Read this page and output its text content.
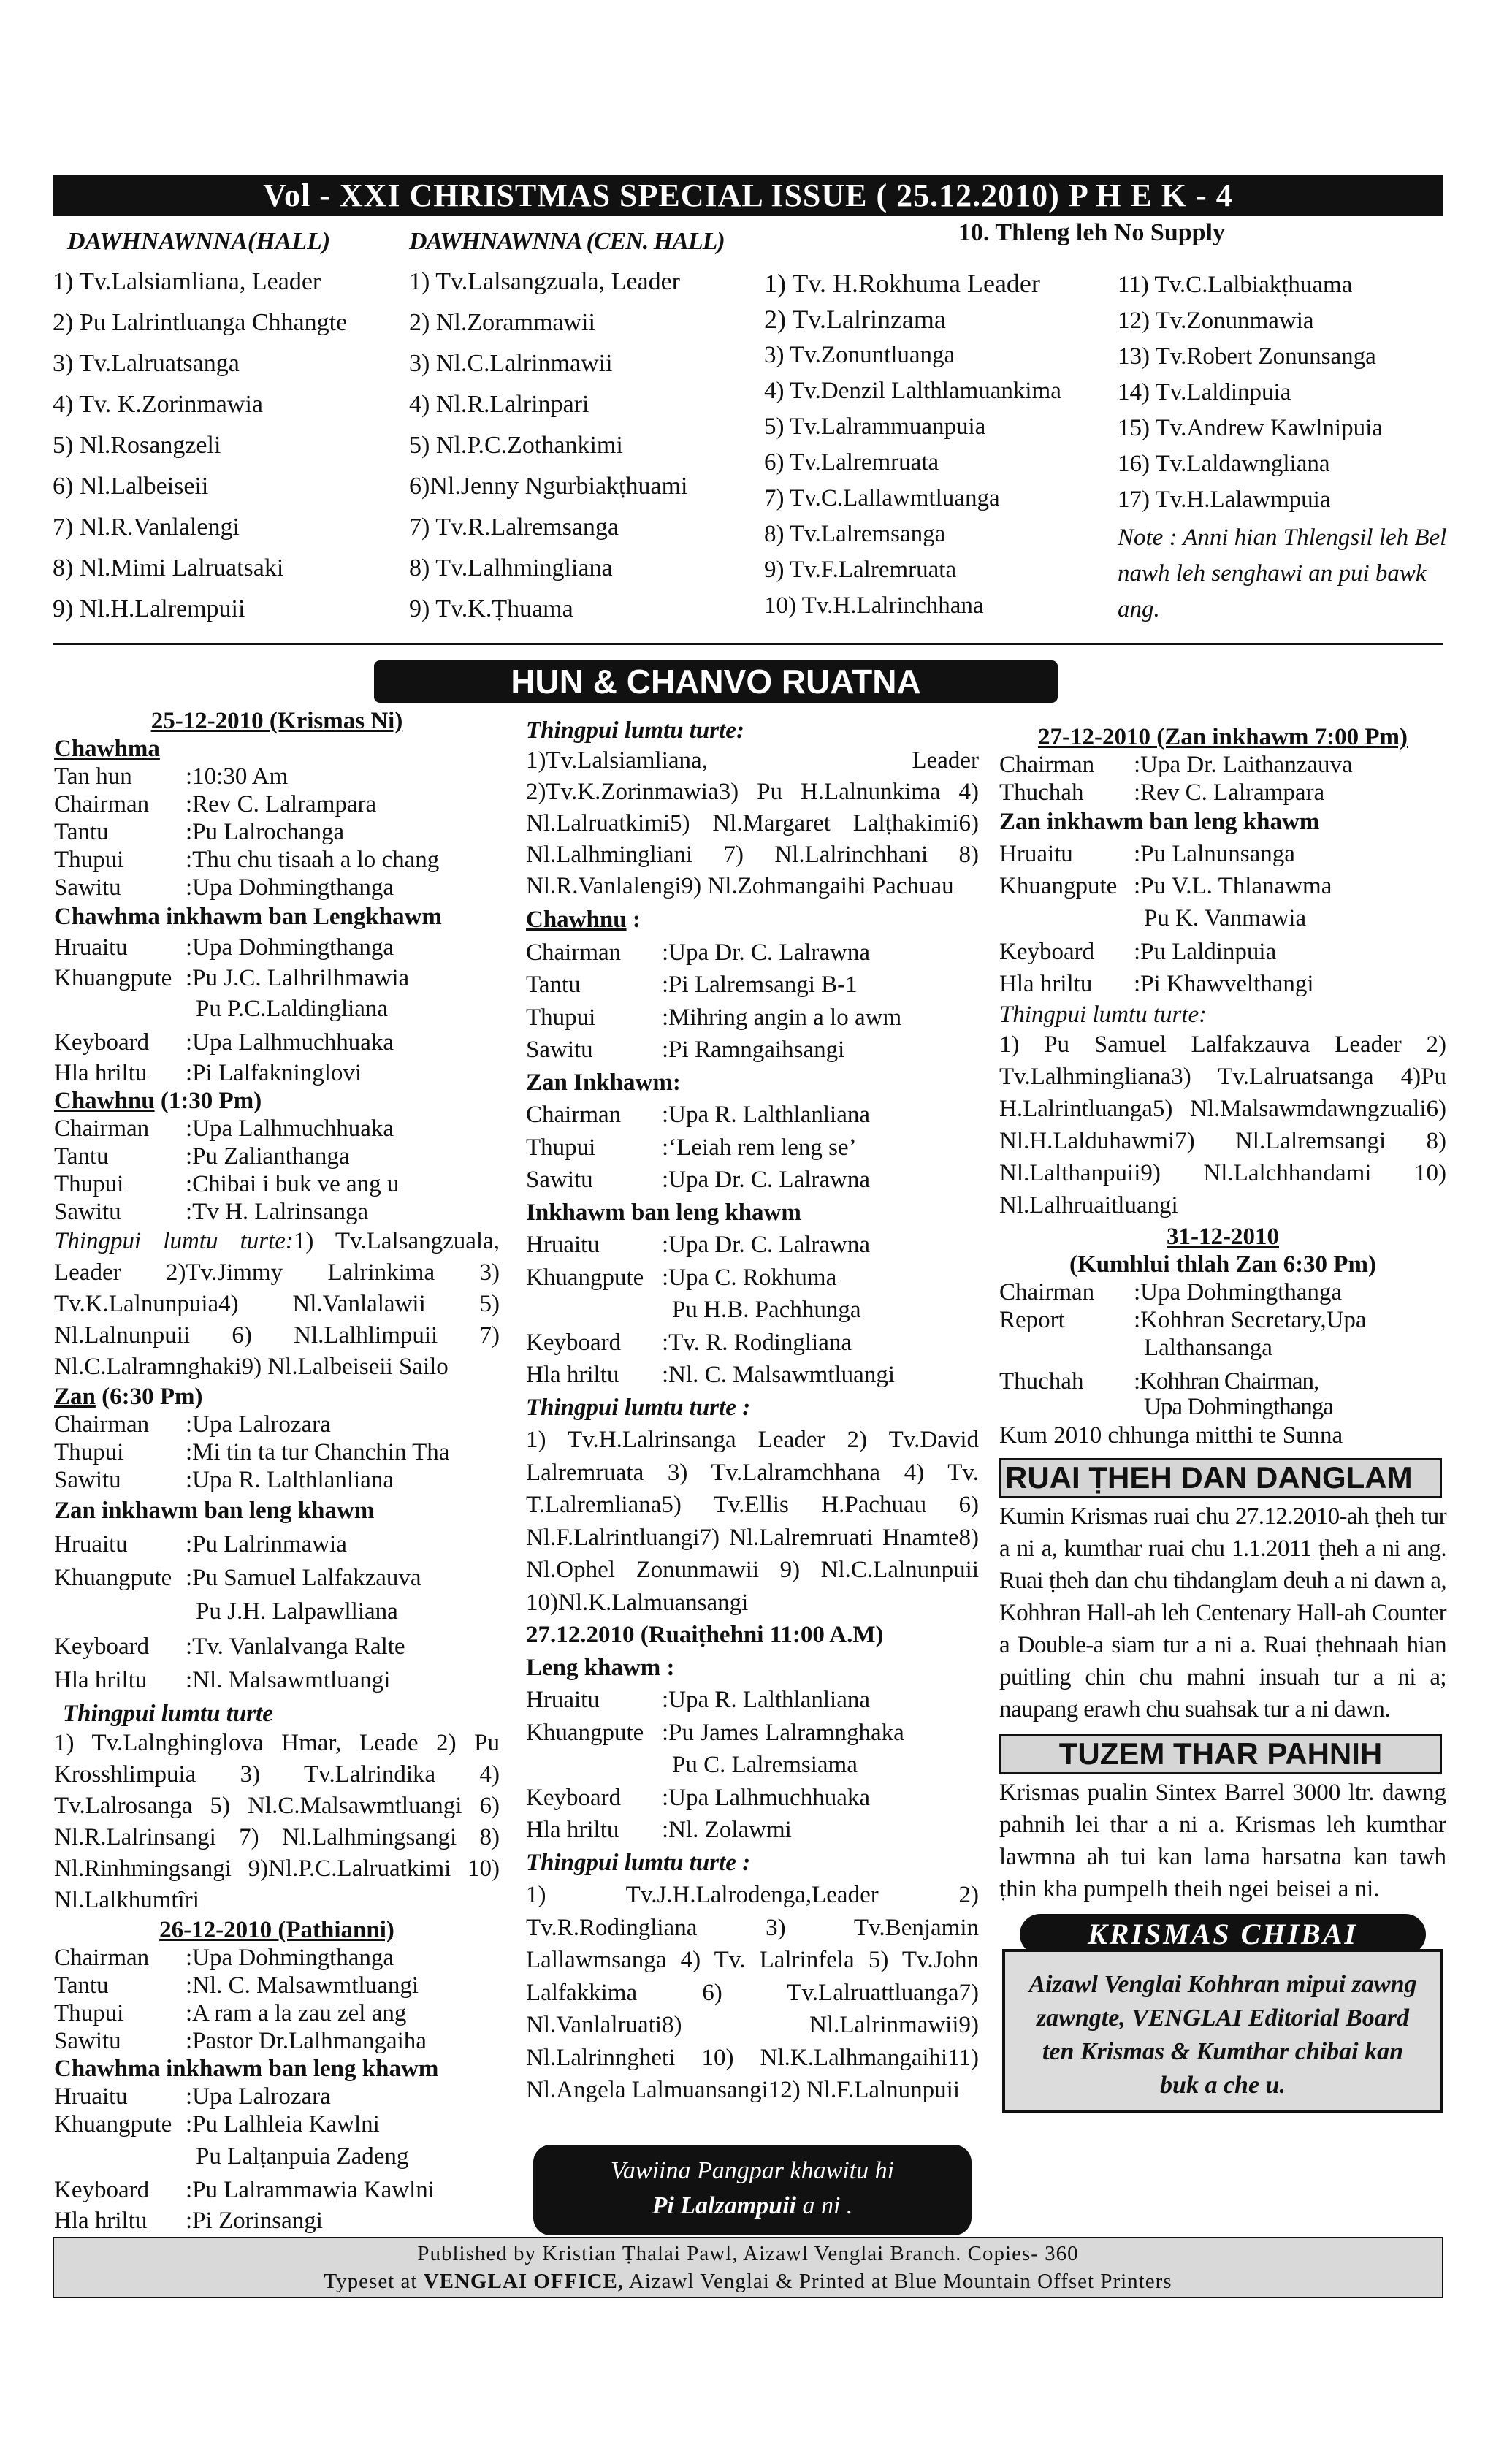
Vol - XXI CHRISTMAS SPECIAL ISSUE ( 25.12.2010) P H E K - 4
DAWHNAWNNA(HALL)
1) Tv.Lalsiamliana, Leader
2) Pu Lalrintluanga Chhangte
3) Tv.Lalruatsanga
4) Tv. K.Zorinmawia
5) Nl.Rosangzeli
6) Nl.Lalbeiseii
7) Nl.R.Vanlalengi
8) Nl.Mimi Lalruatsaki
9) Nl.H.Lalrempuii
DAWHNAWNNA (CEN. HALL)
1) Tv.Lalsangzuala, Leader
2) Nl.Zorammawii
3) Nl.C.Lalrinmawii
4) Nl.R.Lalrinpari
5) Nl.P.C.Zothankimi
6)Nl.Jenny Ngurbiakṭhuami
7) Tv.R.Lalremsanga
8) Tv.Lalhmingliana
9) Tv.K.Ṭhuama
10. Thleng leh No Supply
1) Tv. H.Rokhuma Leader
2) Tv.Lalrinzama
3) Tv.Zonuntluanga
4) Tv.Denzil Lalthlamuankima
5) Tv.Lalrammuanpuia
6) Tv.Lalremruata
7) Tv.C.Lallawmtluanga
8) Tv.Lalremsanga
9) Tv.F.Lalremruata
10) Tv.H.Lalrinchhana
11) Tv.C.Lalbiakṭhuama
12) Tv.Zonunmawia
13) Tv.Robert Zonunsanga
14) Tv.Laldinpuia
15) Tv.Andrew Kawlnipuia
16) Tv.Laldawngliana
17) Tv.H.Lalawmpuia
Note : Anni hian Thlengsil leh Bel nawh leh senghawi an pui bawk ang.
HUN & CHANVO RUATNA
25-12-2010 (Krismas Ni)
Chawhma
Tan hun	: 10:30 Am
Chairman	: Rev C. Lalrampara
Tantu	: Pu Lalrochanga
Thupui	: Thu chu tisaah a lo chang
Sawitu	: Upa Dohmingthanga
Chawhma inkhawm ban Lengkhawm
Hruaitu	: Upa Dohmingthanga
Khuangpute : Pu J.C. Lalhrilhmawia
Pu P.C.Laldingliana
Keyboard	: Upa Lalhmuchhuaka
Hla hriltu	: Pi Lalfakninglovi
Chawhnu (1:30 Pm)
Chairman	: Upa Lalhmuchhuaka
Tantu	: Pu Zalianthanga
Thupui	: Chibai i buk ve ang u
Sawitu	: Tv H. Lalrinsanga
Thingpui lumtu turte:1) Tv.Lalsangzuala, Leader 2)Tv.Jimmy Lalrinkima 3) Tv.K.Lalnunpuia4) Nl.Vanlalawii 5) Nl.Lalnunpuii 6) Nl.Lalhlimpuii 7) Nl.C.Lalramnghaki9) Nl.Lalbeiseii Sailo
Zan (6:30 Pm)
Chairman	: Upa Lalrozara
Thupui	: Mi tin ta tur Chanchin Tha
Sawitu	: Upa R. Lalthlanliana
Zan inkhawm ban leng khawm
Hruaitu	: Pu Lalrinmawia
Khuangpute : Pu Samuel Lalfakzauva
Pu J.H. Lalpawlliana
Keyboard	: Tv. Vanlalvanga Ralte
Hla hriltu	: Nl. Malsawmtluangi
Thingpui lumtu turte
1) Tv.Lalnghinglova Hmar, Leade 2) Pu Krosshlimpuia 3) Tv.Lalrindika 4) Tv.Lalrosanga 5) Nl.C.Malsawmtluangi 6) Nl.R.Lalrinsangi 7) Nl.Lalhmingsangi 8) Nl.Rinhmingsangi 9)Nl.P.C.Lalruatkimi 10) Nl.Lalkhumtîri
26-12-2010 (Pathianni)
Chairman	: Upa Dohmingthanga
Tantu	: Nl. C. Malsawmtluangi
Thupui	: A ram a la zau zel ang
Sawitu	: Pastor Dr.Lalhmangaiha
Chawhma inkhawm ban leng khawm
Hruaitu	: Upa Lalrozara
Khuangpute : Pu Lalhleia Kawlni
Pu Lalṭanpuia Zadeng
Keyboard	: Pu Lalrammawia Kawlni
Hla hriltu	: Pi Zorinsangi
Thingpui lumtu turte:
1)Tv.Lalsiamliana, Leader 2)Tv.K.Zorinmawia3) Pu H.Lalnunkima 4) Nl.Lalruatkimi5) Nl.Margaret Lalṭhakimi6) Nl.Lalhmingliani 7) Nl.Lalrinchhani 8) Nl.R.Vanlalengi9) Nl.Zohmangaihi Pachuau
Chawhnu :
Chairman	: Upa Dr. C. Lalrawna
Tantu	: Pi Lalremsangi B-1
Thupui	: Mihring angin a lo awm
Sawitu	: Pi Ramngaihsangi
Zan Inkhawm:
Chairman	: Upa R. Lalthlanliana
Thupui	: ‘Leiah rem leng se’
Sawitu	: Upa Dr. C. Lalrawna
Inkhawm ban leng khawm
Hruaitu	: Upa Dr. C. Lalrawna
Khuangpute	: Upa C. Rokhuma
Pu H.B. Pachhunga
Keyboard	: Tv. R. Rodingliana
Hla hriltu	: Nl. C. Malsawmtluangi
Thingpui lumtu turte :
1) Tv.H.Lalrinsanga Leader 2) Tv.David Lalremruata 3) Tv.Lalramchhana 4) Tv. T.Lalremliana5) Tv.Ellis H.Pachuau 6) Nl.F.Lalrintluangi7) Nl.Lalremruati Hnamte8) Nl.Ophel Zonunmawii 9) Nl.C.Lalnunpuii 10)Nl.K.Lalmuansangi
27.12.2010 (Ruaiṭhehni 11:00 A.M)
Leng khawm :
Hruaitu	: Upa R. Lalthlanliana
Khuangpute	: Pu James Lalramnghaka
Pu C. Lalremsiama
Keyboard	: Upa Lalhmuchhuaka
Hla hriltu	: Nl. Zolawmi
Thingpui lumtu turte :
1) Tv.J.H.Lalrodenga,Leader 2) Tv.R.Rodingliana 3) Tv.Benjamin Lallawmsanga 4) Tv. Lalrinfela 5) Tv.John Lalfakkima 6) Tv.Lalruattluanga7) Nl.Vanlalruati8) Nl.Lalrinmawii9) Nl.Lalrinngheti 10) Nl.K.Lalhmangaihi11) Nl.Angela Lalmuansangi12) Nl.F.Lalnunpuii
Vawiina Pangpar khawitu hi
Pi Lalzampuii a ni .
27-12-2010 (Zan inkhawm 7:00 Pm)
Chairman	: Upa Dr. Laithanzauva
Thuchah	: Rev C. Lalrampara
Zan inkhawm ban leng khawm
Hruaitu	: Pu Lalnunsanga
Khuangpute : Pu V.L. Thlanawma
Pu K. Vanmawia
Keyboard	: Pu Laldinpuia
Hla hriltu	: Pi Khawvelthangi
Thingpui lumtu turte:
1) Pu Samuel Lalfakzauva Leader 2) Tv.Lalhmingliana3) Tv.Lalruatsanga 4)Pu H.Lalrintluanga5) Nl.Malsawmdawngzuali6) Nl.H.Lalduhawmi7) Nl.Lalremsangi 8) Nl.Lalthanpuii9) Nl.Lalchhandami 10) Nl.Lalhruaitluangi
31-12-2010
(Kumhlui thlah Zan 6:30 Pm)
Chairman	: Upa Dohmingthanga
Report	: Kohhran Secretary,Upa
Lalthansanga
Thuchah	: Kohhran Chairman,
Upa Dohmingthanga
Kum 2010 chhunga mitthi te Sunna
RUAI ṬHEH DAN DANGLAM
Kumin Krismas ruai chu 27.12.2010-ah ṭheh tur a ni a, kumthar ruai chu 1.1.2011 ṭheh a ni ang. Ruai ṭheh dan chu tihdanglam deuh a ni dawn a, Kohhran Hall-ah leh Centenary Hall-ah Counter a Double-a siam tur a ni a. Ruai ṭhehnaah hian puitling chin chu mahni insuah tur a ni a; naupang erawh chu suahsak tur a ni dawn.
TUZEM THAR PAHNIH
Krismas pualin Sintex Barrel 3000 ltr. dawng pahnih lei thar a ni a. Krismas leh kumthar lawmna ah tui kan lama harsatna kan tawh ṭhin kha pumpelh theih ngei beisei a ni.
KRISMAS CHIBAI
Aizawl Venglai Kohhran mipui zawng zawngte, VENGLAI Editorial Board ten Krismas & Kumthar chibai kan buk a che u.
Published by Kristian Ṭhalai Pawl, Aizawl Venglai Branch. Copies- 360
Typeset at VENGLAI OFFICE, Aizawl Venglai & Printed at Blue Mountain Offset Printers
